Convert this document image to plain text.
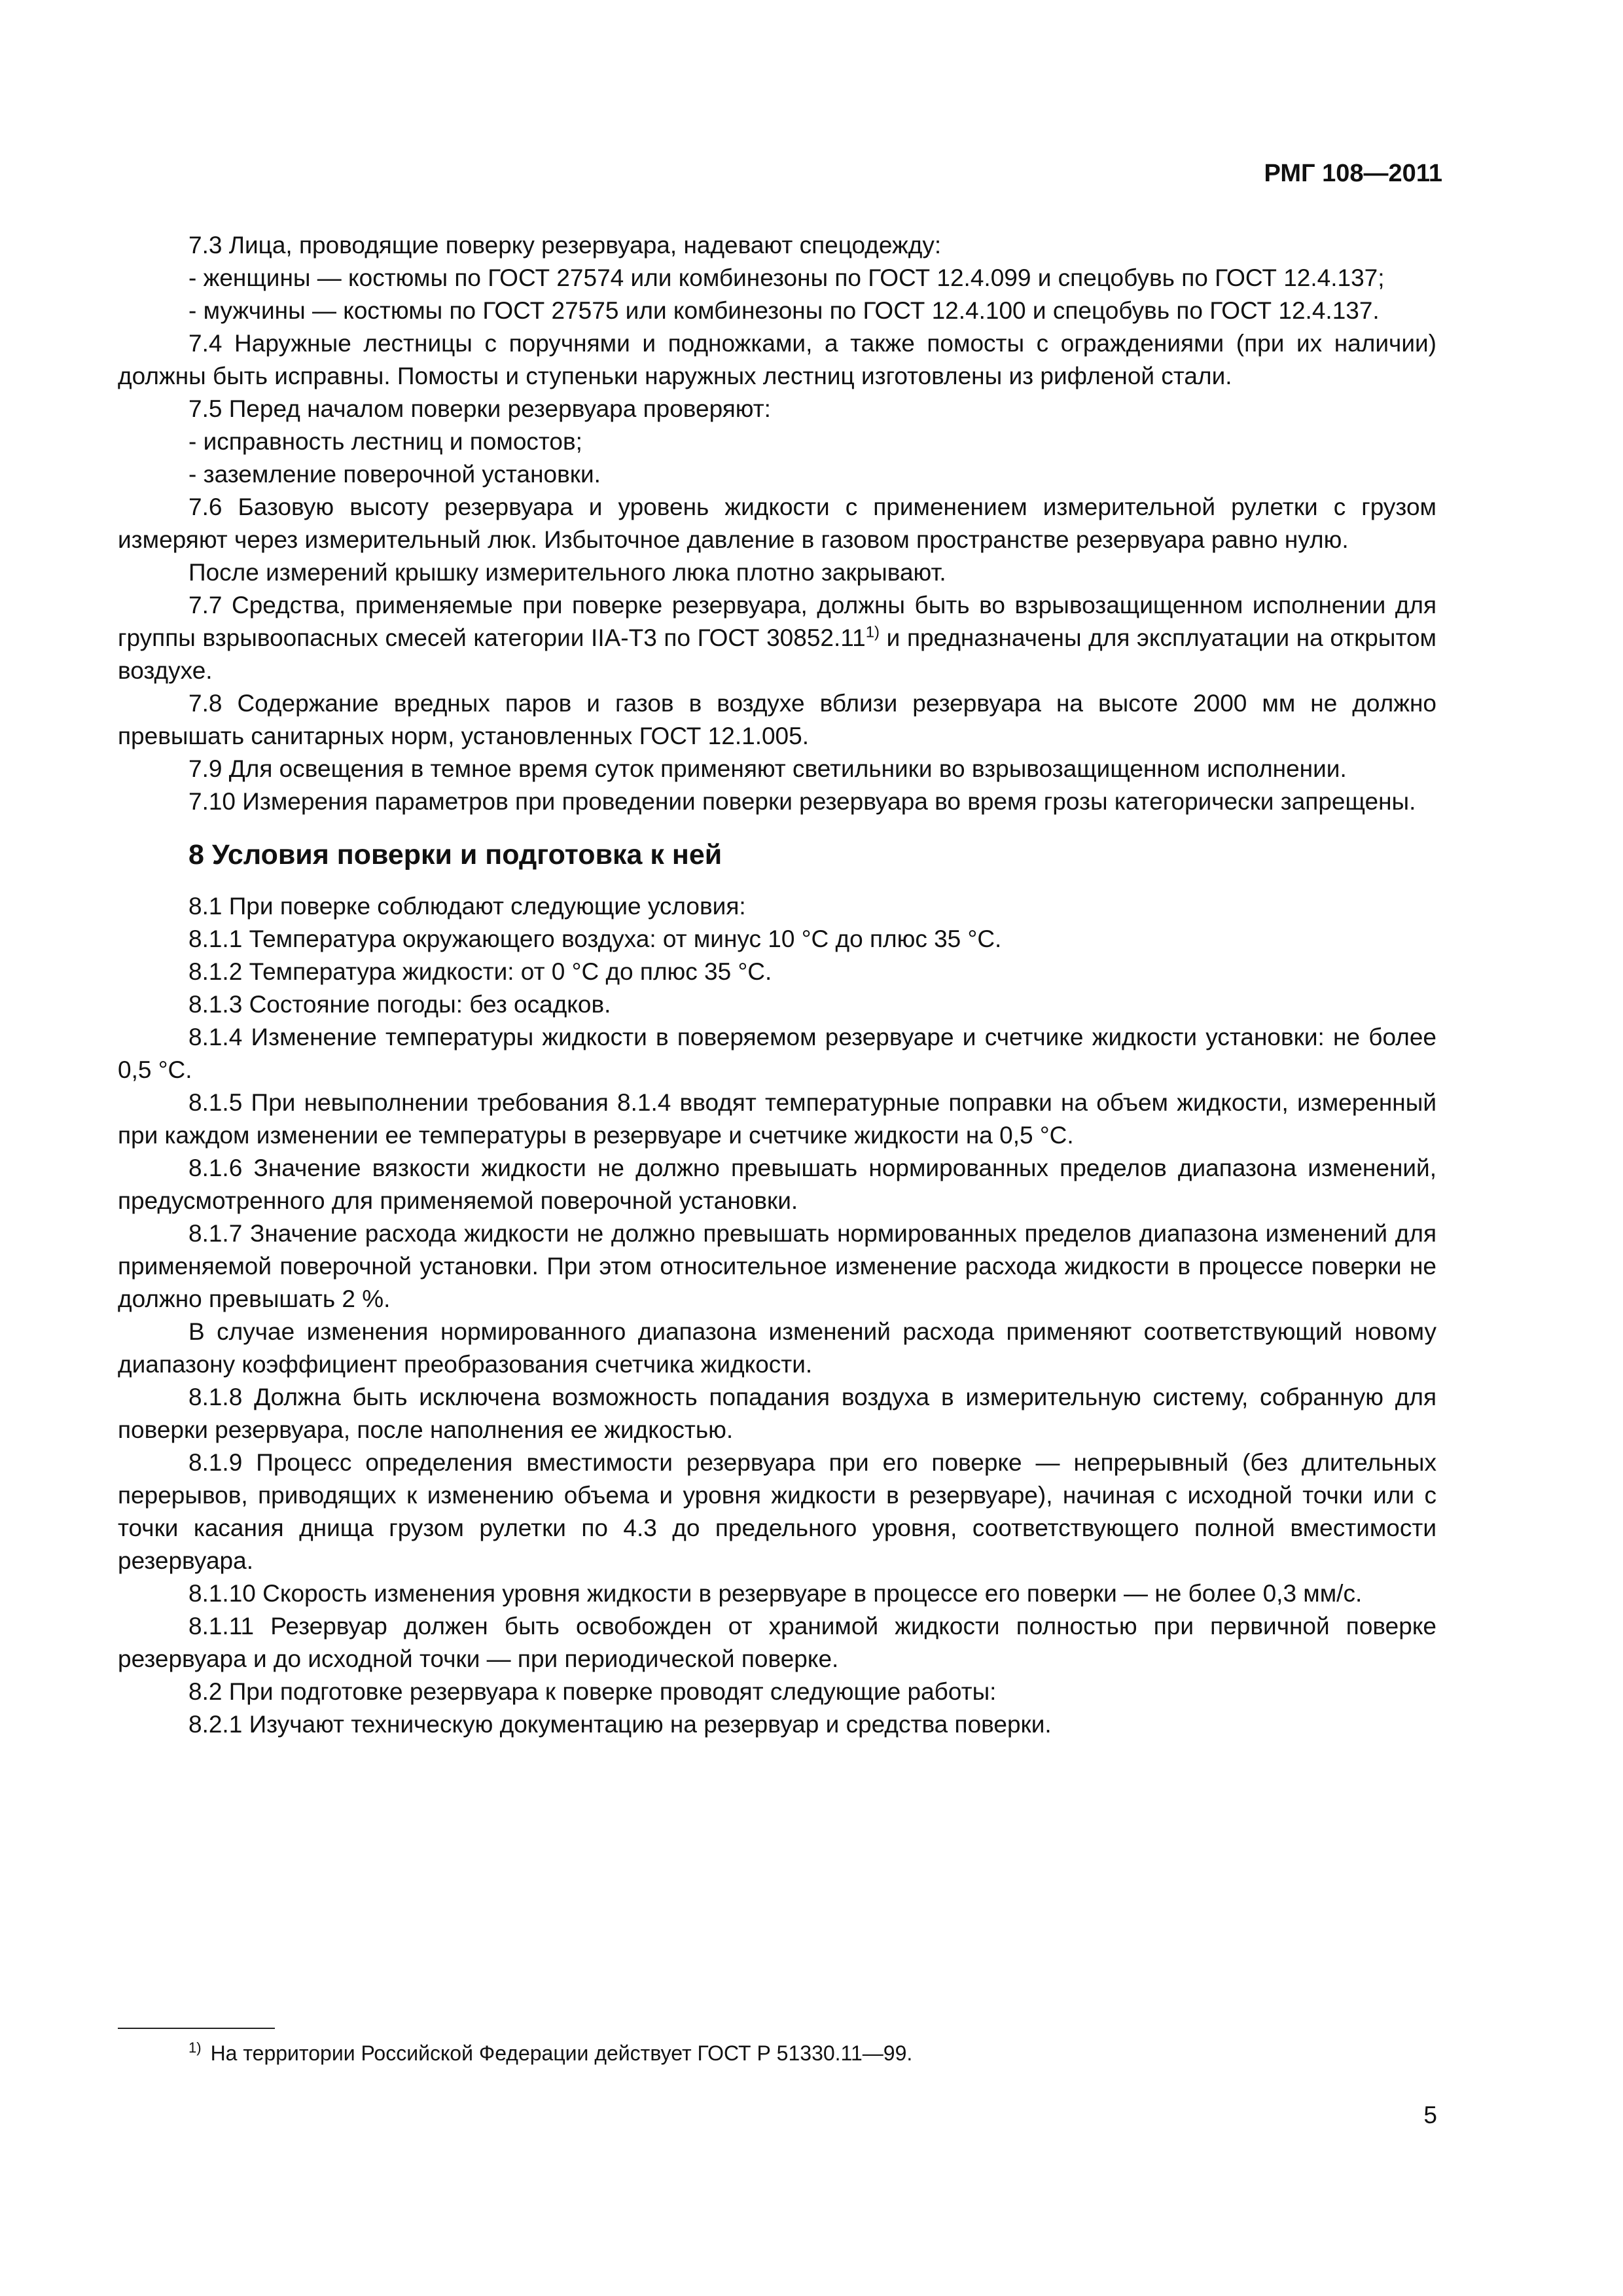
РМГ 108—2011

7.3 Лица, проводящие поверку резервуара, надевают спецодежду:

- женщины — костюмы по ГОСТ 27574 или комбинезоны по ГОСТ 12.4.099 и спецобувь по ГОСТ 12.4.137;

- мужчины — костюмы по ГОСТ 27575 или комбинезоны по ГОСТ 12.4.100 и спецобувь по ГОСТ 12.4.137.

7.4 Наружные лестницы с поручнями и подножками, а также помосты с ограждениями (при их наличии) должны быть исправны. Помосты и ступеньки наружных лестниц изготовлены из рифленой стали.

7.5 Перед началом поверки резервуара проверяют:

- исправность лестниц и помостов;

- заземление поверочной установки.

7.6 Базовую высоту резервуара и уровень жидкости с применением измерительной рулетки с грузом измеряют через измерительный люк. Избыточное давление в газовом пространстве резервуара равно нулю.

После измерений крышку измерительного люка плотно закрывают.

7.7 Средства, применяемые при поверке резервуара, должны быть во взрывозащищенном исполнении для группы взрывоопасных смесей категории IIA-Т3 по ГОСТ 30852.11$^{1)}$ и предназначены для эксплуатации на открытом воздухе.

7.8 Содержание вредных паров и газов в воздухе вблизи резервуара на высоте 2000 мм не должно превышать санитарных норм, установленных ГОСТ 12.1.005.

7.9 Для освещения в темное время суток применяют светильники во взрывозащищенном исполнении.

7.10 Измерения параметров при проведении поверки резервуара во время грозы категорически запрещены.

8 Условия поверки и подготовка к ней

8.1 При поверке соблюдают следующие условия:

8.1.1 Температура окружающего воздуха: от минус 10 °С до плюс 35 °С.

8.1.2 Температура жидкости: от 0 °С до плюс 35 °С.

8.1.3 Состояние погоды: без осадков.

8.1.4 Изменение температуры жидкости в поверяемом резервуаре и счетчике жидкости установки: не более 0,5 °С.

8.1.5 При невыполнении требования 8.1.4 вводят температурные поправки на объем жидкости, измеренный при каждом изменении ее температуры в резервуаре и счетчике жидкости на 0,5 °С.

8.1.6 Значение вязкости жидкости не должно превышать нормированных пределов диапазона изменений, предусмотренного для применяемой поверочной установки.

8.1.7 Значение расхода жидкости не должно превышать нормированных пределов диапазона изменений для применяемой поверочной установки. При этом относительное изменение расхода жидкости в процессе поверки не должно превышать 2 %.

В случае изменения нормированного диапазона изменений расхода применяют соответствующий новому диапазону коэффициент преобразования счетчика жидкости.

8.1.8 Должна быть исключена возможность попадания воздуха в измерительную систему, собранную для поверки резервуара, после наполнения ее жидкостью.

8.1.9 Процесс определения вместимости резервуара при его поверке — непрерывный (без длительных перерывов, приводящих к изменению объема и уровня жидкости в резервуаре), начиная с исходной точки или с точки касания днища грузом рулетки по 4.3 до предельного уровня, соответствующего полной вместимости резервуара.

8.1.10 Скорость изменения уровня жидкости в резервуаре в процессе его поверки — не более 0,3 мм/с.

8.1.11 Резервуар должен быть освобожден от хранимой жидкости полностью при первичной поверке резервуара и до исходной точки — при периодической поверке.

8.2 При подготовке резервуара к поверке проводят следующие работы:

8.2.1 Изучают техническую документацию на резервуар и средства поверки.

$^{1)}$ На территории Российской Федерации действует ГОСТ Р 51330.11—99.
5
